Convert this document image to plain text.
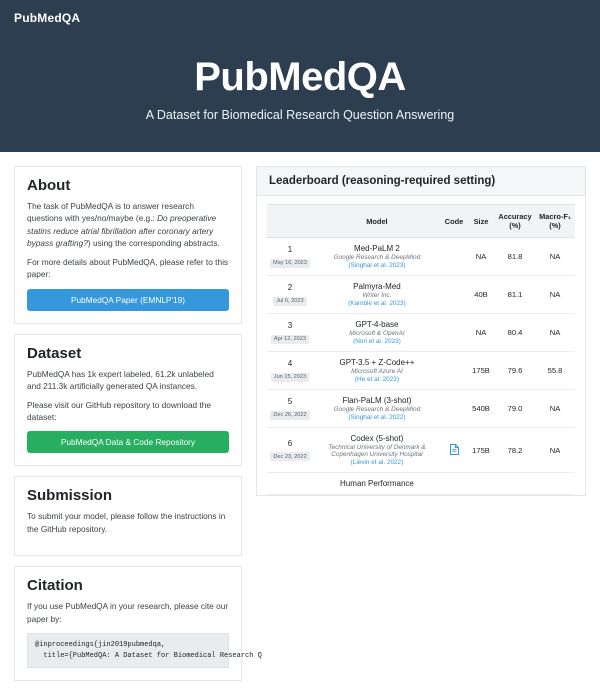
PubMedQA
PubMedQA

A Dataset for Biomedical Research Question Answering

About

The task of PubMedQA is to answer research questions with yes/no/maybe (e.g.: Do preoperative statins reduce atrial fibrillation after coronary artery bypass grafting?) using the corresponding abstracts.

For more details about PubMedQA, please refer to this paper:

PubMedQA Paper (EMNLP'19)
Dataset

PubMedQA has 1k expert labeled, 61.2k unlabeled and 211.3k artificially generated QA instances.

Please visit our GitHub repository to download the dataset:

PubMedQA Data & Code Repository
Submission

To submit your model, please follow the instructions in the GitHub repository.

Citation

If you use PubMedQA in your research, please cite our paper by:

@inproceedings{jin2019pubmedqa,
title={PubMedQA: A Dataset for Biomedical Research Q
Leaderboard (reasoning-required setting)
	Model	Code	Size	Accuracy (%)	Macro-F₁ (%)

1
May 16, 2023	Med-PaLM 2
Google Research & DeepMind
(Singhal et al. 2023)		NA	81.8	NA

2
Jul 6, 2023	Palmyra-Med
Writer Inc.
(Kamble et al. 2023)		40B	81.1	NA

3
Apr 12, 2023	GPT-4-base
Microsoft & OpenAI
(Nori et al. 2023)		NA	80.4	NA

4
Jun 15, 2023	GPT-3.5 + Z-Code++
Microsoft Azure AI
(He et al. 2023)		175B	79.6	55.8

5
Dec 26, 2022	Flan-PaLM (3-shot)
Google Research & DeepMind
(Singhal et al. 2022)		540B	79.0	NA

6
Dec 23, 2022	Codex (5-shot)
Technical University of Denmark & Copenhagen University Hospital
(Liévin et al. 2022)		175B	78.2	NA
	Human Performance				
